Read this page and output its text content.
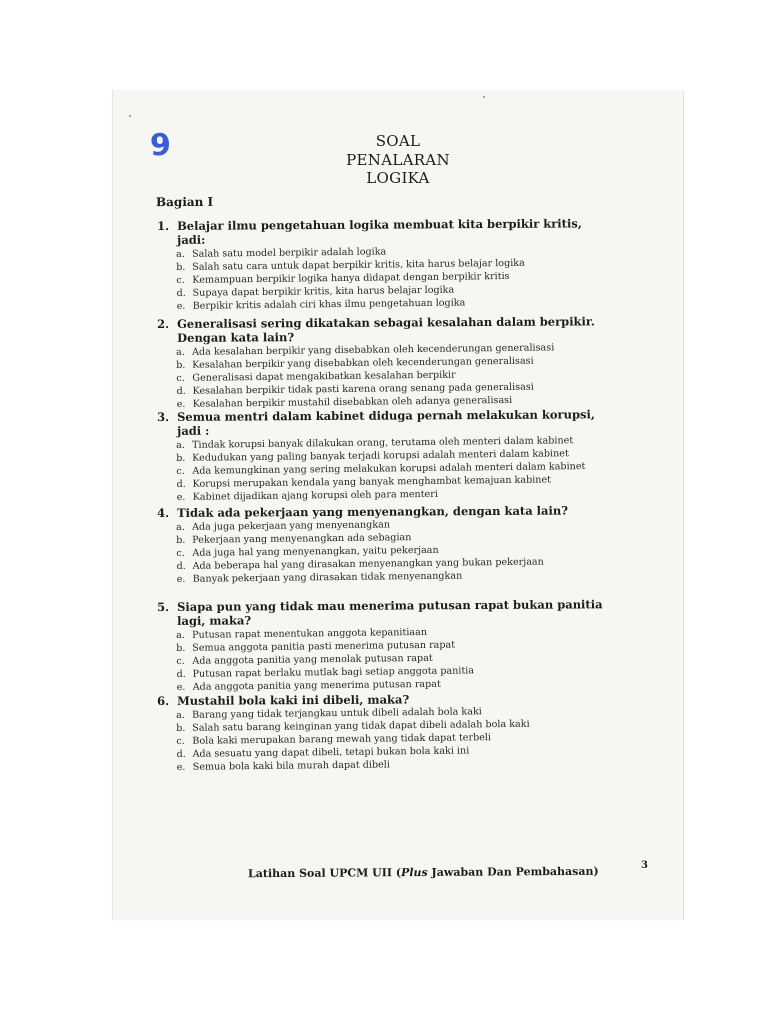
9	SOAL
PENALARAN LOGIKA
Bagian I
1. Belajar ilmu pengetahuan logika membuat kita berpikir kritis, jadi:
a. Salah satu model berpikir adalah logika
b. Salah satu cara untuk dapat berpikir kritis, kita harus belajar logika
c. Kemampuan berpikir logika hanya didapat dengan berpikir kritis
d. Supaya dapat berpikir kritis, kita harus belajar logika
e. Berpikir kritis adalah ciri khas ilmu pengetahuan logika
2. Generalisasi sering dikatakan sebagai kesalahan dalam berpikir. Dengan kata lain?
a. Ada kesalahan berpikir yang disebabkan oleh kecenderungan generalisasi
b. Kesalahan berpikir yang disebabkan oleh kecenderungan generalisasi
c. Generalisasi dapat mengakibatkan kesalahan berpikir
d. Kesalahan berpikir tidak pasti karena orang senang pada generalisasi
e. Kesalahan berpikir mustahil disebabkan oleh adanya generalisasi
3. Semua mentri dalam kabinet diduga pernah melakukan korupsi, jadi :
a. Tindak korupsi banyak dilakukan orang, terutama oleh menteri dalam kabinet
b. Kedudukan yang paling banyak terjadi korupsi adalah menteri dalam kabinet
c. Ada kemungkinan yang sering melakukan korupsi adalah menteri dalam kabinet
d. Korupsi merupakan kendala yang banyak menghambat kemajuan kabinet
e. Kabinet dijadikan ajang korupsi oleh para menteri
4. Tidak ada pekerjaan yang menyenangkan, dengan kata lain?
a. Ada juga pekerjaan yang menyenangkan
b. Pekerjaan yang menyenangkan ada sebagian
c. Ada juga hal yang menyenangkan, yaitu pekerjaan
d. Ada beberapa hal yang dirasakan menyenangkan yang bukan pekerjaan
e. Banyak pekerjaan yang dirasakan tidak menyenangkan
5. Siapa pun yang tidak mau menerima putusan rapat bukan panitia lagi, maka?
a. Putusan rapat menentukan anggota kepanitiaan
b. Semua anggota panitia pasti menerima putusan rapat
c. Ada anggota panitia yang menolak putusan rapat
d. Putusan rapat berlaku mutlak bagi setiap anggota panitia
e. Ada anggota panitia yang menerima putusan rapat
6. Mustahil bola kaki ini dibeli, maka?
a. Barang yang tidak terjangkau untuk dibeli adalah bola kaki
b. Salah satu barang keinginan yang tidak dapat dibeli adalah bola kaki
c. Bola kaki merupakan barang mewah yang tidak dapat terbeli
d. Ada sesuatu yang dapat dibeli, tetapi bukan bola kaki ini
e. Semua bola kaki bila murah dapat dibeli
Latihan Soal UPCM UII (Plus Jawaban Dan Pembahasan)	3
